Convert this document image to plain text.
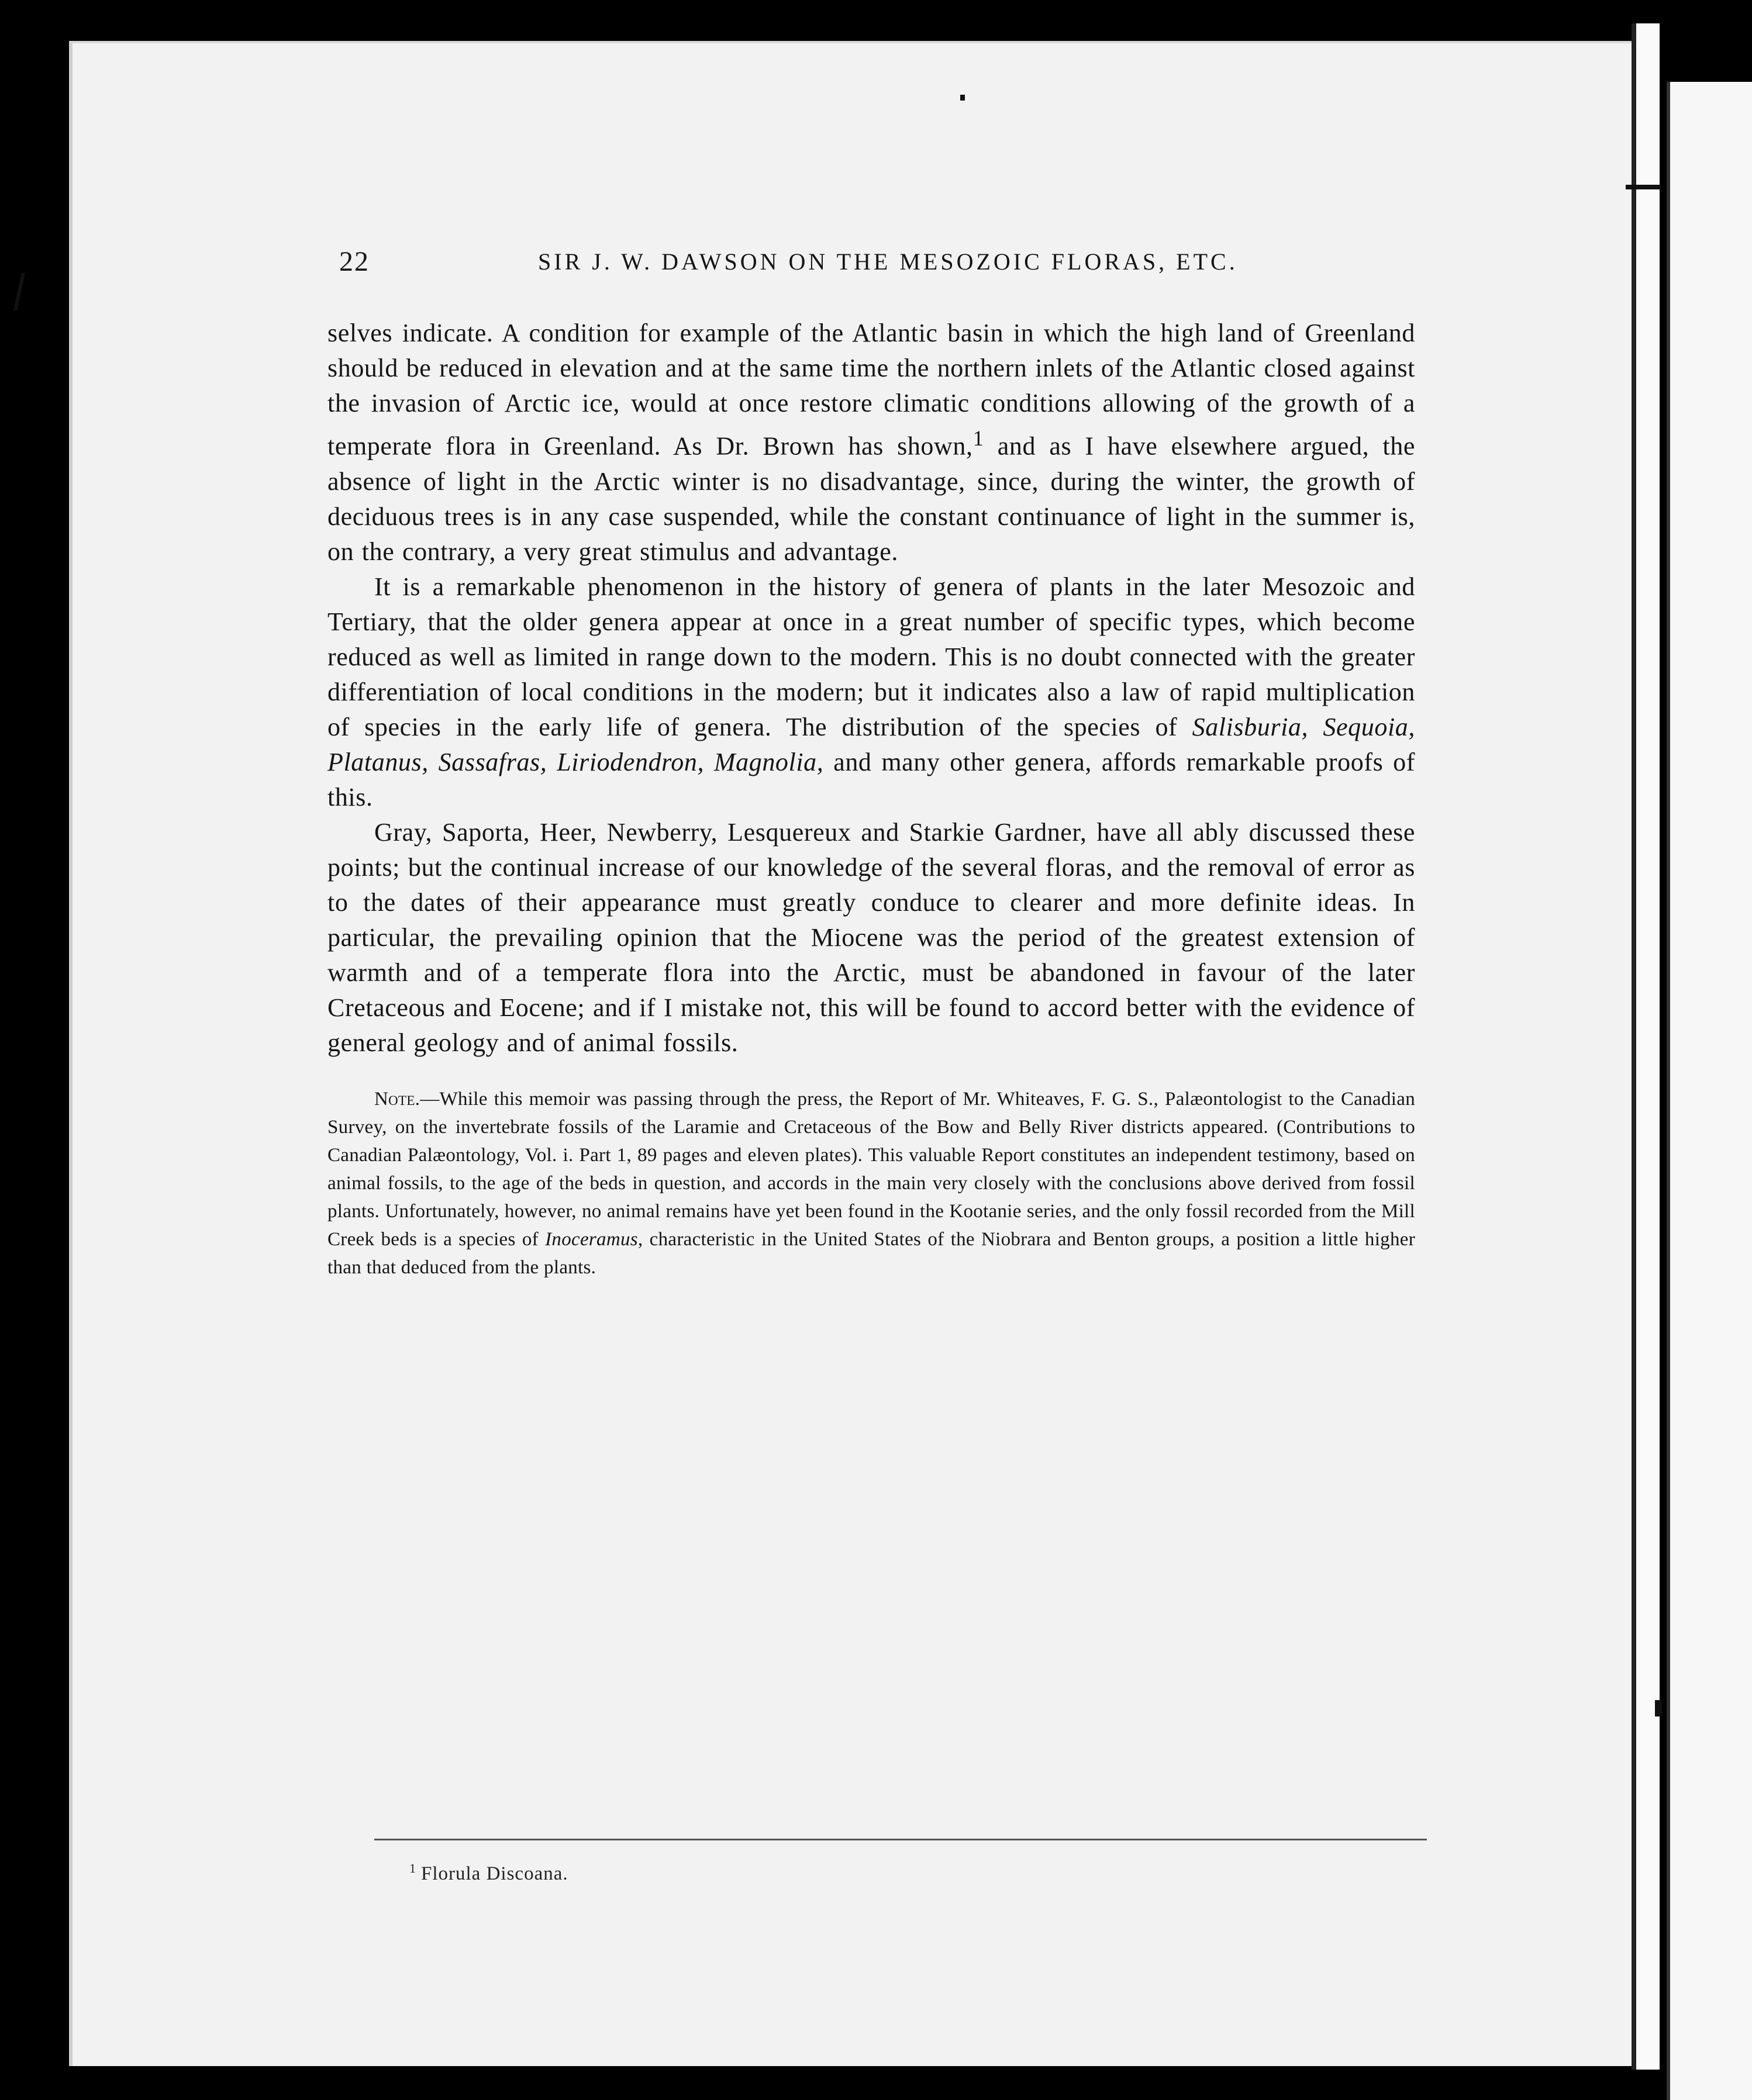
22	SIR J. W. DAWSON ON THE MESOZOIC FLORAS, ETC.

selves indicate. A condition for example of the Atlantic basin in which the high land of Greenland should be reduced in elevation and at the same time the northern inlets of the Atlantic closed against the invasion of Arctic ice, would at once restore climatic conditions allowing of the growth of a temperate flora in Greenland. As Dr. Brown has shown,$^1$ and as I have elsewhere argued, the absence of light in the Arctic winter is no disadvantage, since, during the winter, the growth of deciduous trees is in any case suspended, while the constant continuance of light in the summer is, on the contrary, a very great stimulus and advantage.

It is a remarkable phenomenon in the history of genera of plants in the later Mesozoic and Tertiary, that the older genera appear at once in a great number of specific types, which become reduced as well as limited in range down to the modern. This is no doubt connected with the greater differentiation of local conditions in the modern; but it indicates also a law of rapid multiplication of species in the early life of genera. The distribution of the species of Salisburia, Sequoia, Platanus, Sassafras, Liriodendron, Magnolia, and many other genera, affords remarkable proofs of this.

Gray, Saporta, Heer, Newberry, Lesquereux and Starkie Gardner, have all ably discussed these points; but the continual increase of our knowledge of the several floras, and the removal of error as to the dates of their appearance must greatly conduce to clearer and more definite ideas. In particular, the prevailing opinion that the Miocene was the period of the greatest extension of warmth and of a temperate flora into the Arctic, must be abandoned in favour of the later Cretaceous and Eocene; and if I mistake not, this will be found to accord better with the evidence of general geology and of animal fossils.

Note.—While this memoir was passing through the press, the Report of Mr. Whiteaves, F. G. S., Palæontologist to the Canadian Survey, on the invertebrate fossils of the Laramie and Cretaceous of the Bow and Belly River districts appeared. (Contributions to Canadian Palæontology, Vol. i. Part 1, 89 pages and eleven plates). This valuable Report constitutes an independent testimony, based on animal fossils, to the age of the beds in question, and accords in the main very closely with the conclusions above derived from fossil plants. Unfortunately, however, no animal remains have yet been found in the Kootanie series, and the only fossil recorded from the Mill Creek beds is a species of Inoceramus, characteristic in the United States of the Niobrara and Benton groups, a position a little higher than that deduced from the plants.
$^1$ Florula Discoana.
